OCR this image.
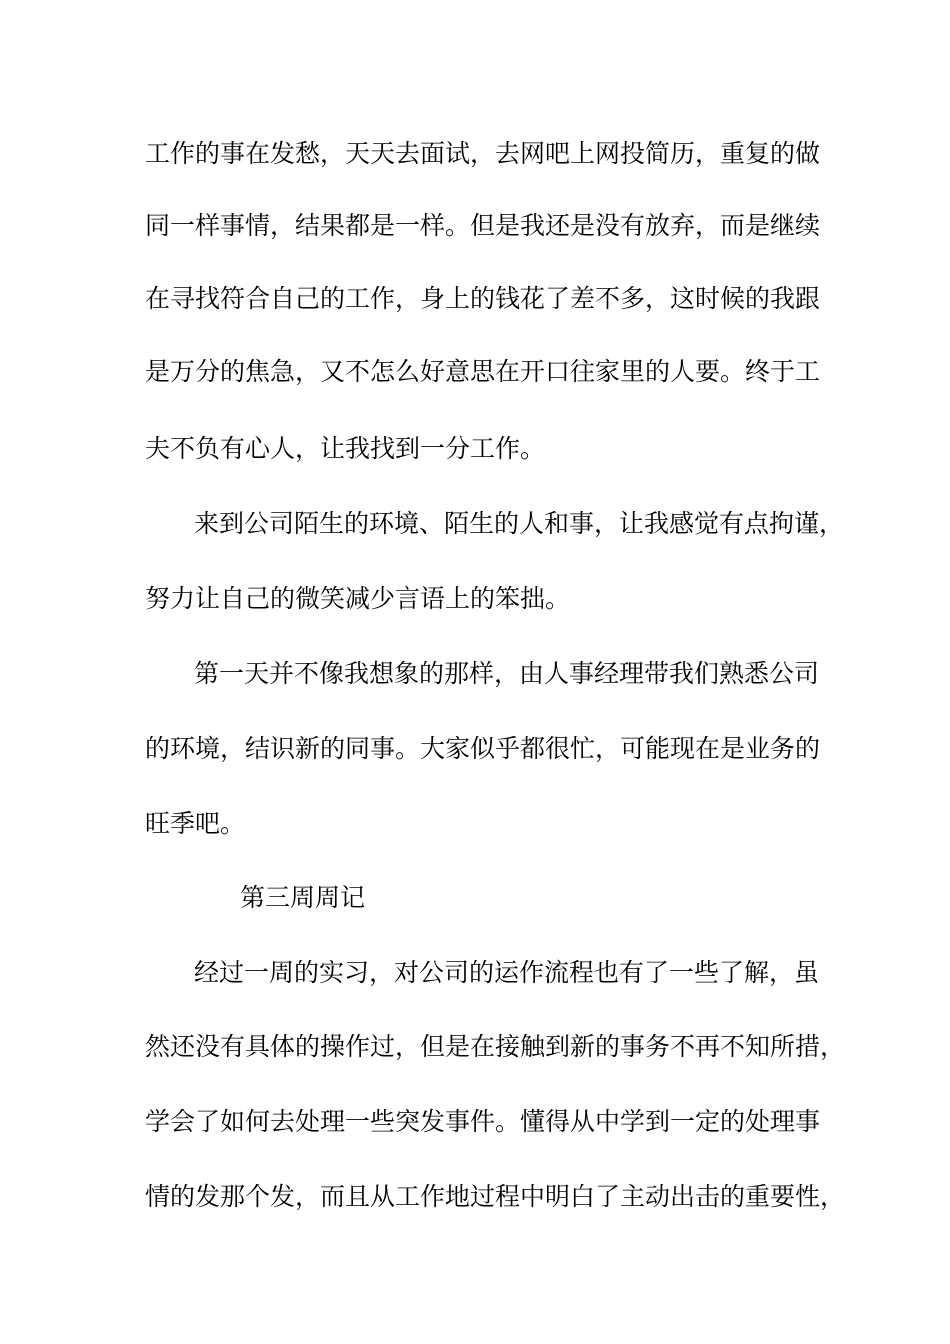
工作的事在发愁，天天去面试，去网吧上网投简历，重复的做
同一样事情，结果都是一样。但是我还是没有放弃，而是继续
在寻找符合自己的工作，身上的钱花了差不多，这时候的我跟
是万分的焦急，又不怎么好意思在开口往家里的人要。终于工
夫不负有心人，让我找到一分工作。
来到公司陌生的环境、陌生的人和事，让我感觉有点拘谨，
努力让自己的微笑减少言语上的笨拙。
第一天并不像我想象的那样，由人事经理带我们熟悉公司
的环境，结识新的同事。大家似乎都很忙，可能现在是业务的
旺季吧。
第三周周记
经过一周的实习，对公司的运作流程也有了一些了解，虽
然还没有具体的操作过，但是在接触到新的事务不再不知所措，
学会了如何去处理一些突发事件。懂得从中学到一定的处理事
情的发那个发，而且从工作地过程中明白了主动出击的重要性，
